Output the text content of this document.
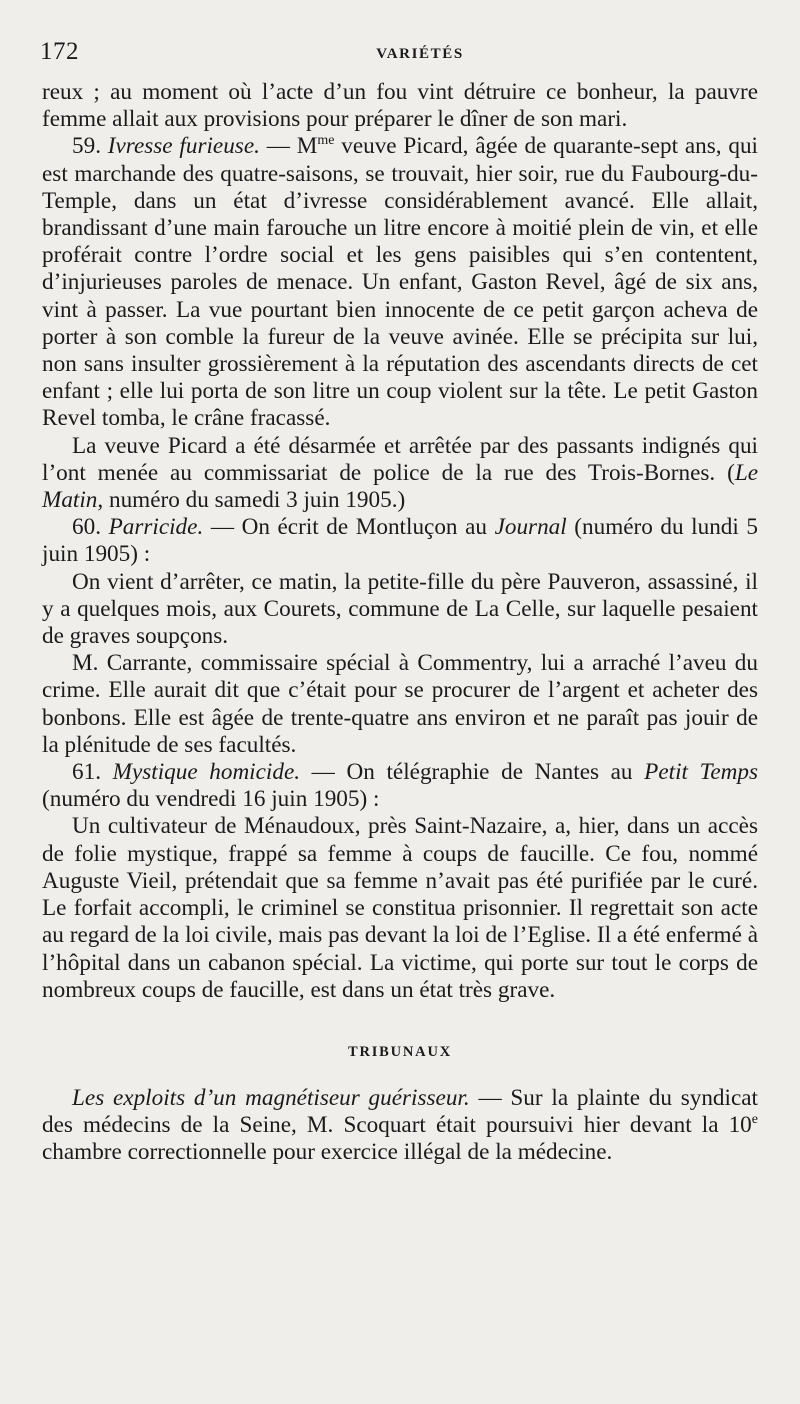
172	VARIÉTÉS

reux ; au moment où l’acte d’un fou vint détruire ce bonheur, la pauvre femme allait aux provisions pour préparer le dîner de son mari.

59. Ivresse furieuse. — $M^{me}$ veuve Picard, âgée de quarante-sept ans, qui est marchande des quatre-saisons, se trouvait, hier soir, rue du Faubourg-du-Temple, dans un état d’ivresse considérablement avancé. Elle allait, brandissant d’une main farouche un litre encore à moitié plein de vin, et elle proférait contre l’ordre social et les gens paisibles qui s’en contentent, d’injurieuses paroles de menace. Un enfant, Gaston Revel, âgé de six ans, vint à passer. La vue pourtant bien innocente de ce petit garçon acheva de porter à son comble la fureur de la veuve avinée. Elle se précipita sur lui, non sans insulter grossièrement à la réputation des ascendants directs de cet enfant ; elle lui porta de son litre un coup violent sur la tête. Le petit Gaston Revel tomba, le crâne fracassé.

La veuve Picard a été désarmée et arrêtée par des passants indignés qui l’ont menée au commissariat de police de la rue des Trois-Bornes. (Le Matin, numéro du samedi 3 juin 1905.)

60. Parricide. — On écrit de Montluçon au Journal (numéro du lundi 5 juin 1905) :

On vient d’arrêter, ce matin, la petite-fille du père Pauveron, assassiné, il y a quelques mois, aux Courets, commune de La Celle, sur laquelle pesaient de graves soupçons.

M. Carrante, commissaire spécial à Commentry, lui a arraché l’aveu du crime. Elle aurait dit que c’était pour se procurer de l’argent et acheter des bonbons. Elle est âgée de trente-quatre ans environ et ne paraît pas jouir de la plénitude de ses facultés.

61. Mystique homicide. — On télégraphie de Nantes au Petit Temps (numéro du vendredi 16 juin 1905) :

Un cultivateur de Ménaudoux, près Saint-Nazaire, a, hier, dans un accès de folie mystique, frappé sa femme à coups de faucille. Ce fou, nommé Auguste Vieil, prétendait que sa femme n’avait pas été purifiée par le curé. Le forfait accompli, le criminel se constitua prisonnier. Il regrettait son acte au regard de la loi civile, mais pas devant la loi de l’Eglise. Il a été enfermé à l’hôpital dans un cabanon spécial. La victime, qui porte sur tout le corps de nombreux coups de faucille, est dans un état très grave.

TRIBUNAUX

Les exploits d’un magnétiseur guérisseur. — Sur la plainte du syndicat des médecins de la Seine, M. Scoquart était poursuivi hier devant la 10e chambre correctionnelle pour exercice illégal de la médecine.
